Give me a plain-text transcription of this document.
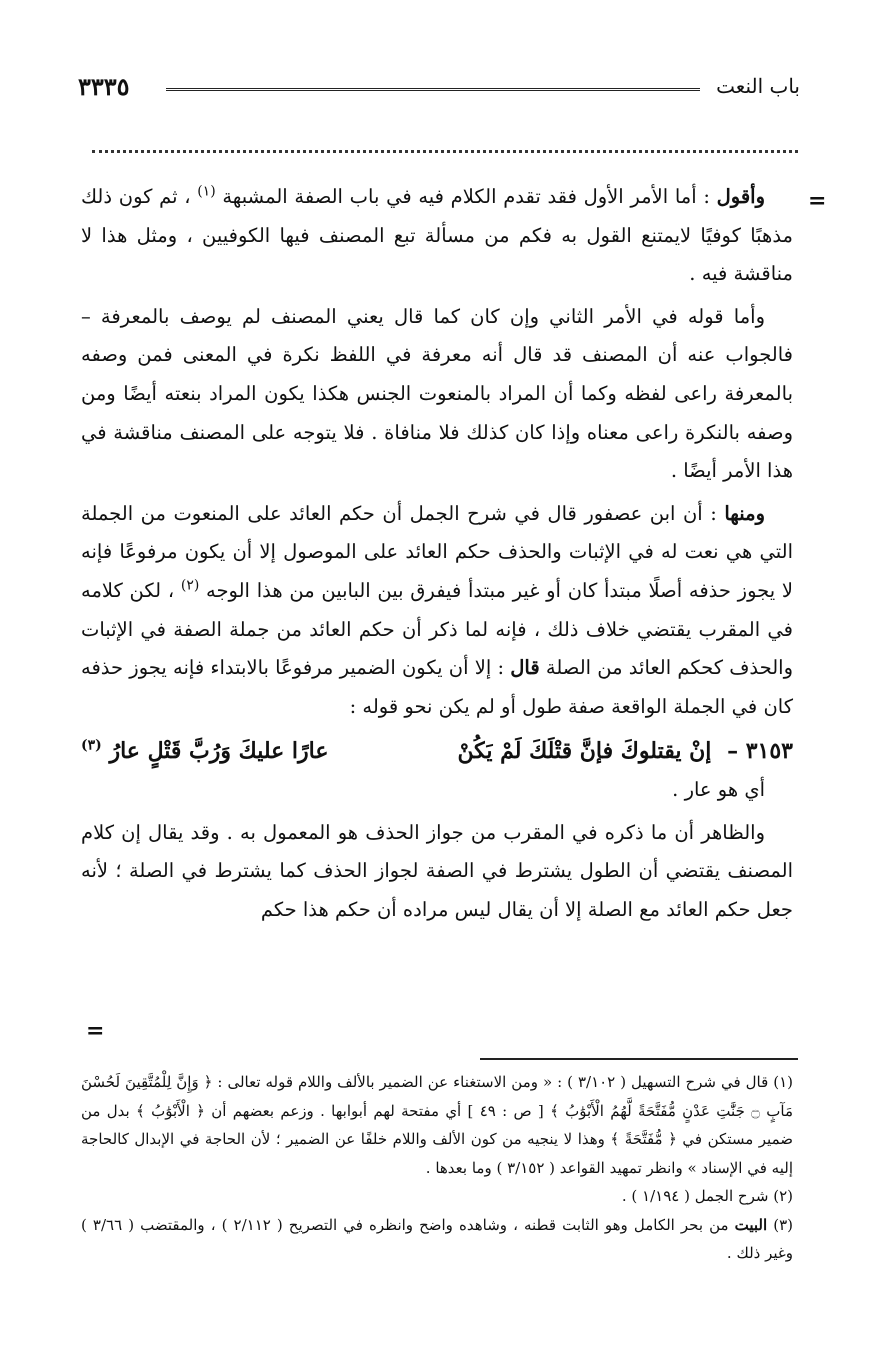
٣٣٣٥	باب النعت
=

وأقول : أما الأمر الأول فقد تقدم الكلام فيه في باب الصفة المشبهة $^{(١)}$ ، ثم كون ذلك مذهبًا كوفيًا لايمتنع القول به فكم من مسألة تبع المصنف فيها الكوفيين ، ومثل هذا لا مناقشة فيه .

وأما قوله في الأمر الثاني وإن كان كما قال يعني المصنف لم يوصف بالمعرفة – فالجواب عنه أن المصنف قد قال أنه معرفة في اللفظ نكرة في المعنى فمن وصفه بالمعرفة راعى لفظه وكما أن المراد بالمنعوت الجنس هكذا يكون المراد بنعته أيضًا ومن وصفه بالنكرة راعى معناه وإذا كان كذلك فلا منافاة . فلا يتوجه على المصنف مناقشة في هذا الأمر أيضًا .

ومنها : أن ابن عصفور قال في شرح الجمل أن حكم العائد على المنعوت من الجملة التي هي نعت له في الإثبات والحذف حكم العائد على الموصول إلا أن يكون مرفوعًا فإنه لا يجوز حذفه أصلًا مبتدأ كان أو غير مبتدأ فيفرق بين البابين من هذا الوجه $^{(٢)}$ ، لكن كلامه في المقرب يقتضي خلاف ذلك ، فإنه لما ذكر أن حكم العائد من جملة الصفة في الإثبات والحذف كحكم العائد من الصلة قال : إلا أن يكون الضمير مرفوعًا بالابتداء فإنه يجوز حذفه كان في الجملة الواقعة صفة طول أو لم يكن نحو قوله :

٣١٥٣ – إنْ يقتلوكَ فإنَّ قتْلَكَ لَمْ يَكُنْ
عارًا عليكَ وَرُبَّ قَتْلٍ عارُ $^{(٣)}$

أي هو عار .

والظاهر أن ما ذكره في المقرب من جواز الحذف هو المعمول به . وقد يقال إن كلام المصنف يقتضي أن الطول يشترط في الصفة لجواز الحذف كما يشترط في الصلة ؛ لأنه جعل حكم العائد مع الصلة إلا أن يقال ليس مراده أن حكم هذا حكم

=

(١) قال في شرح التسهيل ( ٣/١٠٢ ) : « ومن الاستغناء عن الضمير بالألف واللام قوله تعالى : ﴿ وَإِنَّ لِلْمُتَّقِينَ لَحُسْنَ مَآبٍ ۝ جَنَّٰتِ عَدْنٍ مُّفَتَّحَةً لَّهُمُ الْأَبْوَٰبُ ﴾ [ ص : ٤٩ ] أي مفتحة لهم أبوابها . وزعم بعضهم أن ﴿ الْأَبْوَٰبُ ﴾ بدل من ضمير مستكن في ﴿ مُّفَتَّحَةً ﴾ وهذا لا ينجيه من كون الألف واللام خلفًا عن الضمير ؛ لأن الحاجة في الإبدال كالحاجة إليه في الإسناد » وانظر تمهيد القواعد ( ٣/١٥٢ ) وما بعدها .

(٢) شرح الجمل ( ١/١٩٤ ) .

(٣) البيت من بحر الكامل وهو الثابت قطنه ، وشاهده واضح وانظره في التصريح ( ٢/١١٢ ) ، والمقتضب ( ٣/٦٦ ) وغير ذلك .
